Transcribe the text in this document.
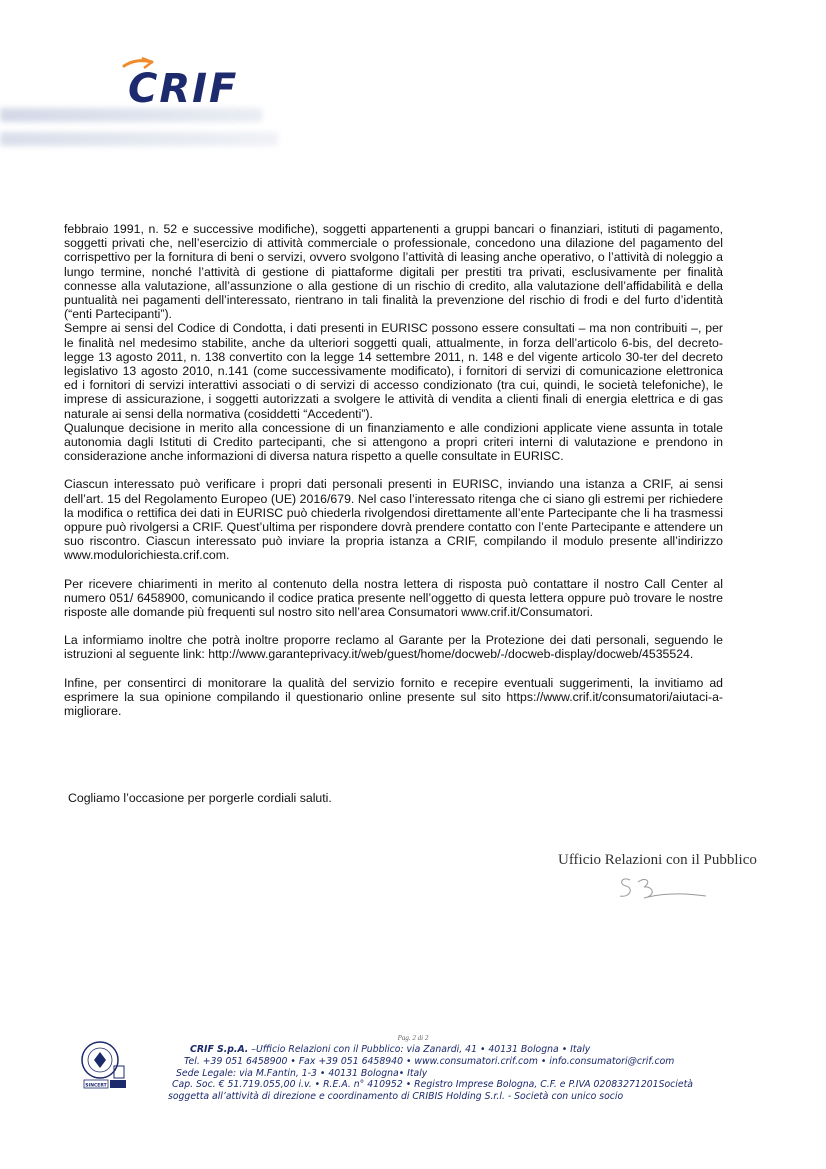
CRIF

febbraio 1991, n. 52 e successive modifiche), soggetti appartenenti a gruppi bancari o finanziari, istituti di pagamento, soggetti privati che, nell’esercizio di attività commerciale o professionale, concedono una dilazione del pagamento del corrispettivo per la fornitura di beni o servizi, ovvero svolgono l’attività di leasing anche operativo, o l’attività di noleggio a lungo termine, nonché l’attività di gestione di piattaforme digitali per prestiti tra privati, esclusivamente per finalità connesse alla valutazione, all’assunzione o alla gestione di un rischio di credito, alla valutazione dell’affidabilità e della puntualità nei pagamenti dell’interessato, rientrano in tali finalità la prevenzione del rischio di frodi e del furto d’identità (“enti Partecipanti”).

Sempre ai sensi del Codice di Condotta, i dati presenti in EURISC possono essere consultati – ma non contribuiti –, per le finalità nel medesimo stabilite, anche da ulteriori soggetti quali, attualmente, in forza dell’articolo 6-bis, del decreto-legge 13 agosto 2011, n. 138 convertito con la legge 14 settembre 2011, n. 148 e del vigente articolo 30-ter del decreto legislativo 13 agosto 2010, n.141 (come successivamente modificato), i fornitori di servizi di comunicazione elettronica ed i fornitori di servizi interattivi associati o di servizi di accesso condizionato (tra cui, quindi, le società telefoniche), le imprese di assicurazione, i soggetti autorizzati a svolgere le attività di vendita a clienti finali di energia elettrica e di gas naturale ai sensi della normativa (cosiddetti “Accedenti”).

Qualunque decisione in merito alla concessione di un finanziamento e alle condizioni applicate viene assunta in totale autonomia dagli Istituti di Credito partecipanti, che si attengono a propri criteri interni di valutazione e prendono in considerazione anche informazioni di diversa natura rispetto a quelle consultate in EURISC.

Ciascun interessato può verificare i propri dati personali presenti in EURISC, inviando una istanza a CRIF, ai sensi dell’art. 15 del Regolamento Europeo (UE) 2016/679. Nel caso l’interessato ritenga che ci siano gli estremi per richiedere la modifica o rettifica dei dati in EURISC può chiederla rivolgendosi direttamente all’ente Partecipante che li ha trasmessi oppure può rivolgersi a CRIF. Quest’ultima per rispondere dovrà prendere contatto con l’ente Partecipante e attendere un suo riscontro. Ciascun interessato può inviare la propria istanza a CRIF, compilando il modulo presente all’indirizzo www.modulorichiesta.crif.com.

Per ricevere chiarimenti in merito al contenuto della nostra lettera di risposta può contattare il nostro Call Center al numero 051/ 6458900, comunicando il codice pratica presente nell’oggetto di questa lettera oppure può trovare le nostre risposte alle domande più frequenti sul nostro sito nell’area Consumatori www.crif.it/Consumatori.

La informiamo inoltre che potrà inoltre proporre reclamo al Garante per la Protezione dei dati personali, seguendo le istruzioni al seguente link: http://www.garanteprivacy.it/web/guest/home/docweb/-/docweb-display/docweb/4535524.

Infine, per consentirci di monitorare la qualità del servizio fornito e recepire eventuali suggerimenti, la invitiamo ad esprimere la sua opinione compilando il questionario online presente sul sito https://www.crif.it/consumatori/aiutaci-a-migliorare.

Cogliamo l’occasione per porgerle cordiali saluti.
Ufficio Relazioni con il Pubblico
Pag. 2 di 2
SINCERT
CRIF S.p.A. –Ufficio Relazioni con il Pubblico: via Zanardi, 41 • 40131 Bologna • Italy
Tel. +39 051 6458900 • Fax +39 051 6458940 • www.consumatori.crif.com • info.consumatori@crif.com
Sede Legale: via M.Fantin, 1-3 • 40131 Bologna• Italy
Cap. Soc. € 51.719.055,00 i.v. • R.E.A. n° 410952 • Registro Imprese Bologna, C.F. e P.IVA 02083271201Società
soggetta all’attività di direzione e coordinamento di CRIBIS Holding S.r.l. - Società con unico socio
